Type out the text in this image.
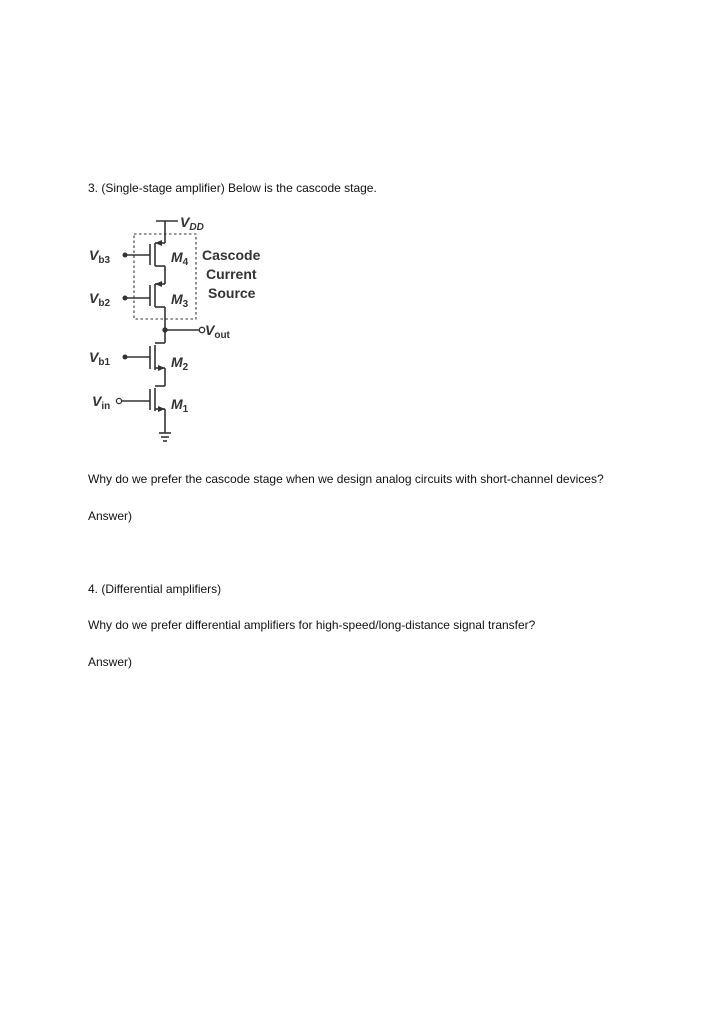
3. (Single-stage amplifier) Below is the cascode stage.
$V_{DD}$
$V_{b3}$
$V_{b2}$
$V_{b1}$
$V_{in}$
$V_{out}$
$M_4$
$M_3$
$M_2$
$M_1$
Cascode
Current
Source
Why do we prefer the cascode stage when we design analog circuits with short-channel devices?
Answer)
4. (Differential amplifiers)
Why do we prefer differential amplifiers for high-speed/long-distance signal transfer?
Answer)
